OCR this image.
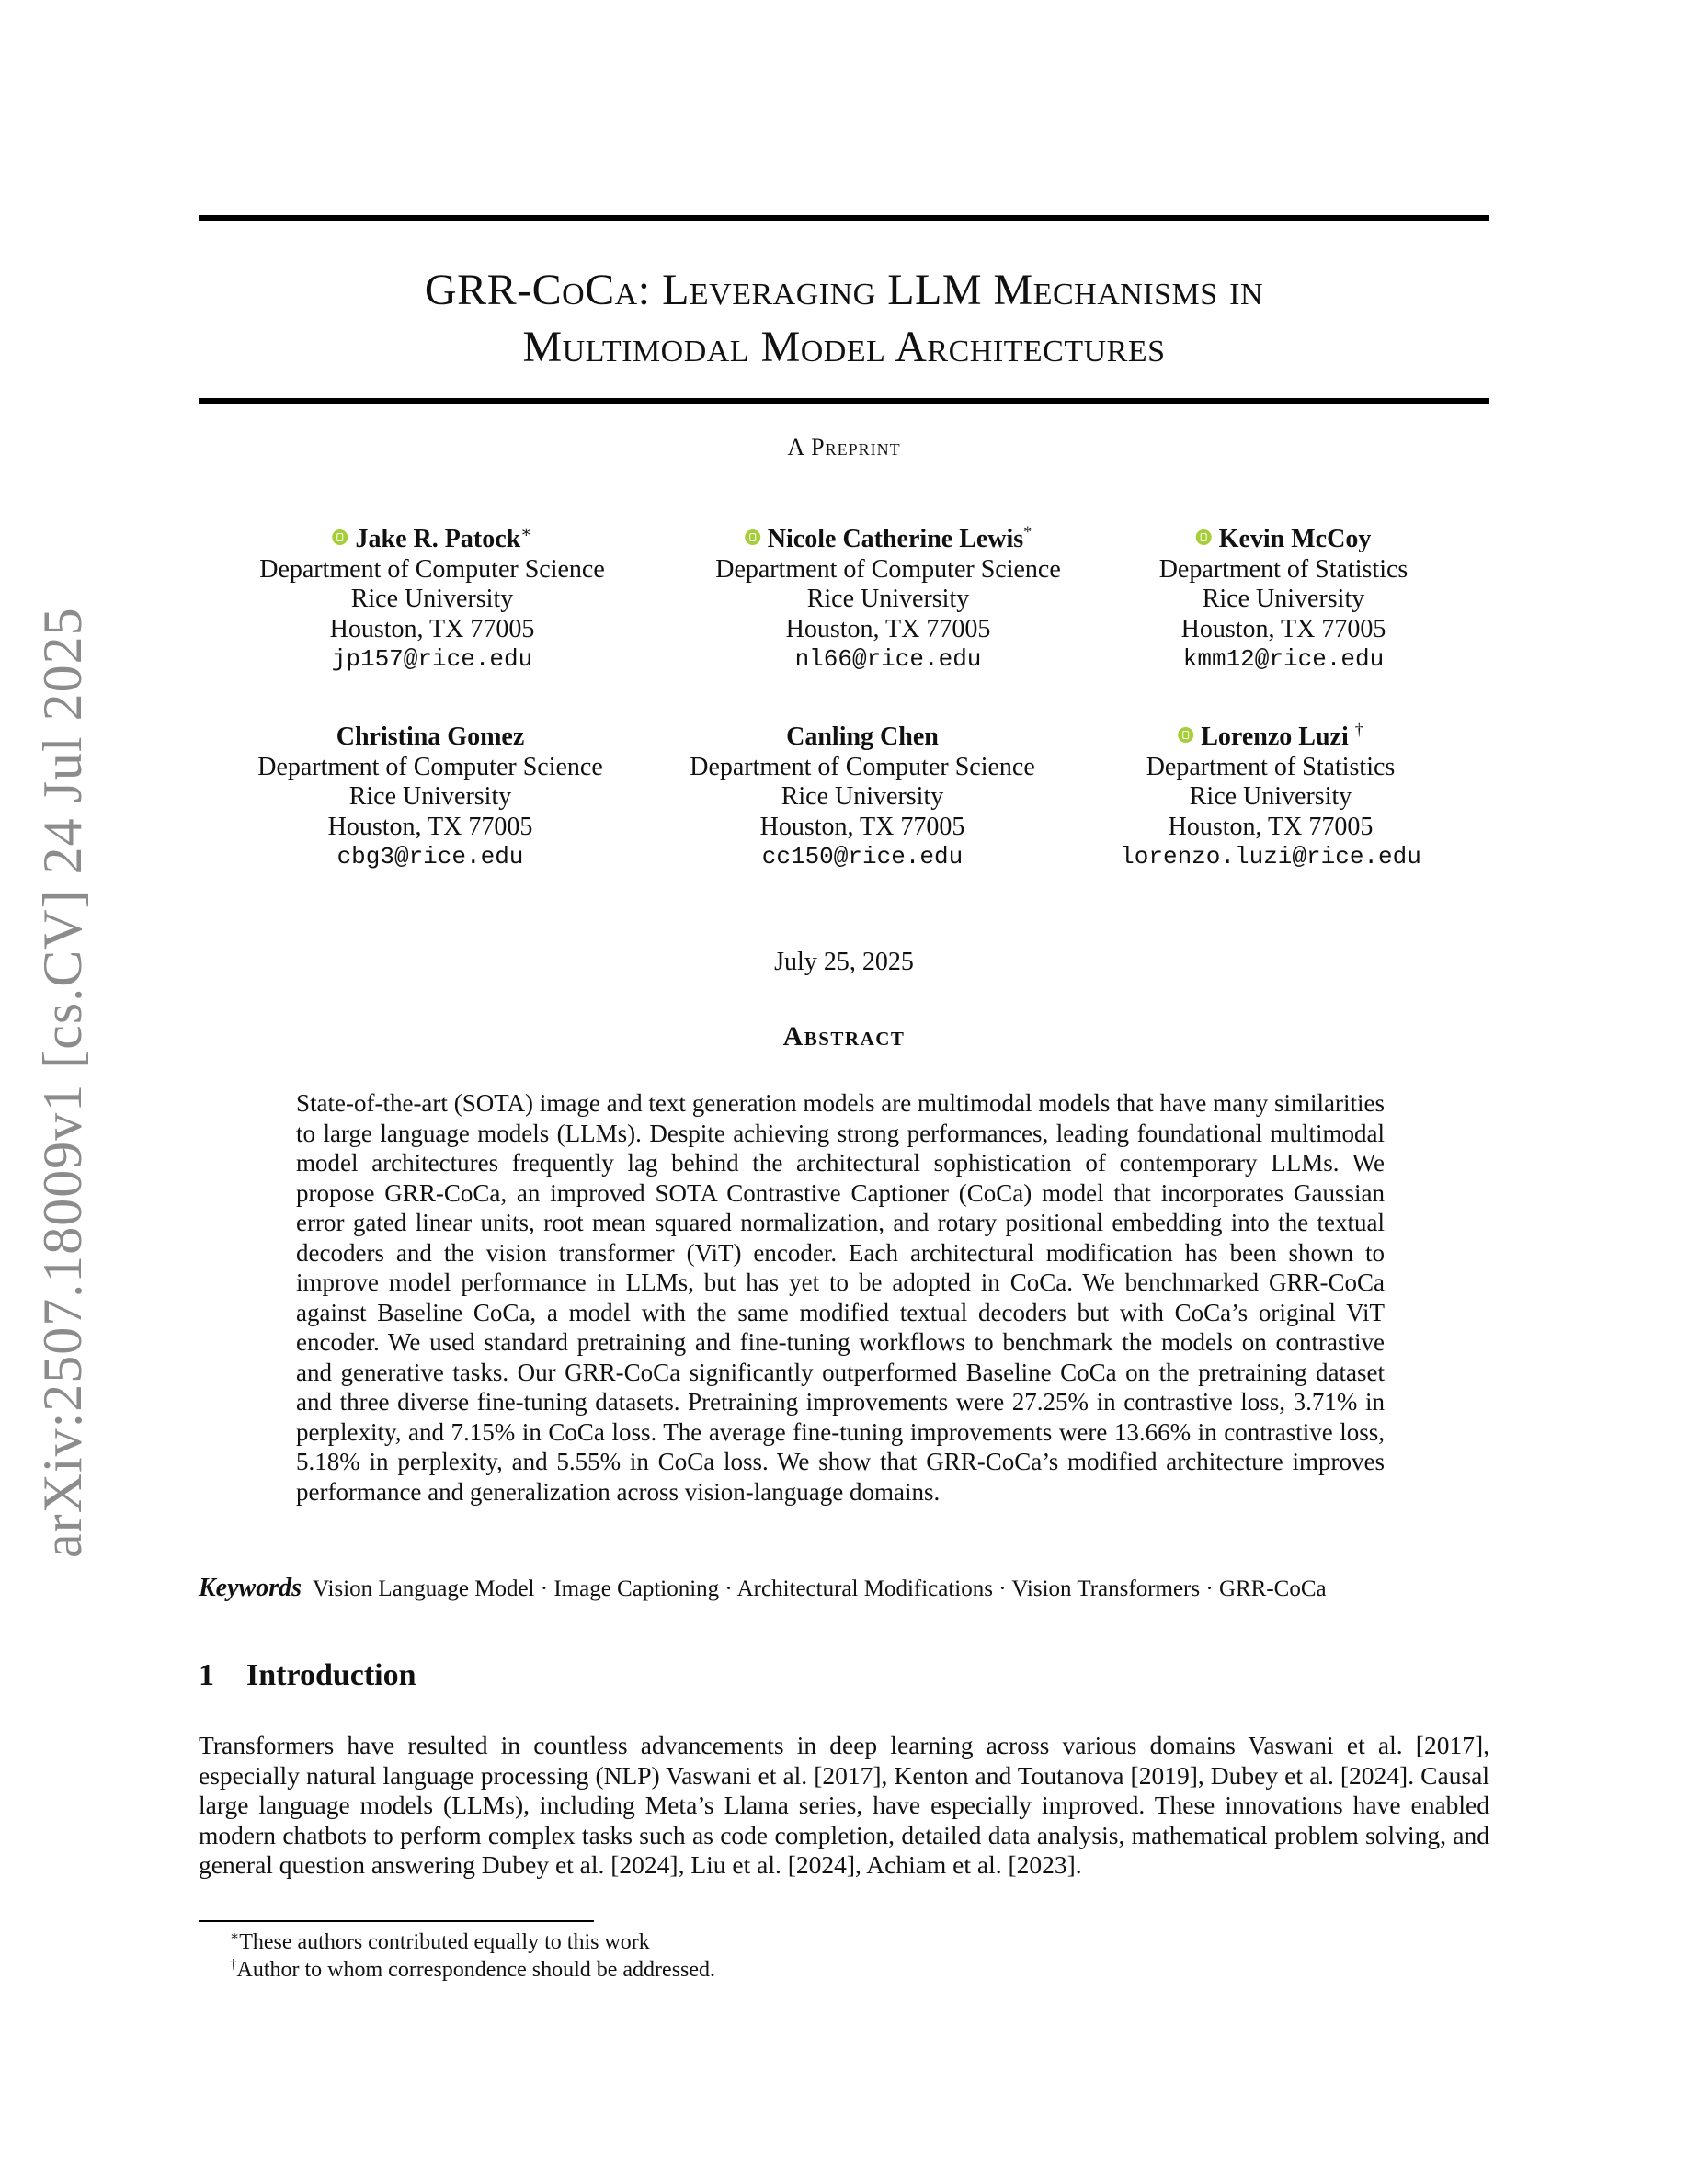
arXiv:2507.18009v1 [cs.CV] 24 Jul 2025
GRR-CoCa: Leveraging LLM Mechanisms in
Multimodal Model Architectures
A Preprint
Jake R. Patock∗
Department of Computer Science
Rice University
Houston, TX 77005
jp157@rice.edu
Nicole Catherine Lewis*
Department of Computer Science
Rice University
Houston, TX 77005
nl66@rice.edu
Kevin McCoy
Department of Statistics
Rice University
Houston, TX 77005
kmm12@rice.edu
Christina Gomez
Department of Computer Science
Rice University
Houston, TX 77005
cbg3@rice.edu
Canling Chen
Department of Computer Science
Rice University
Houston, TX 77005
cc150@rice.edu
Lorenzo Luzi †
Department of Statistics
Rice University
Houston, TX 77005
lorenzo.luzi@rice.edu
July 25, 2025
Abstract
State-of-the-art (SOTA) image and text generation models are multimodal models that have many similarities to large language models (LLMs). Despite achieving strong performances, leading foundational multimodal model architectures frequently lag behind the architectural sophistication of contemporary LLMs. We propose GRR-CoCa, an improved SOTA Contrastive Captioner (CoCa) model that incorporates Gaussian error gated linear units, root mean squared normalization, and rotary positional embedding into the textual decoders and the vision transformer (ViT) encoder. Each architectural modification has been shown to improve model performance in LLMs, but has yet to be adopted in CoCa. We benchmarked GRR-CoCa against Baseline CoCa, a model with the same modified textual decoders but with CoCa’s original ViT encoder. We used standard pretraining and fine-tuning workflows to benchmark the models on contrastive and generative tasks. Our GRR-CoCa significantly outperformed Baseline CoCa on the pretraining dataset and three diverse fine-tuning datasets. Pretraining improvements were 27.25% in contrastive loss, 3.71% in perplexity, and 7.15% in CoCa loss. The average fine-tuning improvements were 13.66% in contrastive loss, 5.18% in perplexity, and 5.55% in CoCa loss. We show that GRR-CoCa’s modified architecture improves performance and generalization across vision-language domains.
Keywords Vision Language Model · Image Captioning · Architectural Modifications · Vision Transformers · GRR-CoCa
1 Introduction
Transformers have resulted in countless advancements in deep learning across various domains Vaswani et al. [2017], especially natural language processing (NLP) Vaswani et al. [2017], Kenton and Toutanova [2019], Dubey et al. [2024]. Causal large language models (LLMs), including Meta’s Llama series, have especially improved. These innovations have enabled modern chatbots to perform complex tasks such as code completion, detailed data analysis, mathematical problem solving, and general question answering Dubey et al. [2024], Liu et al. [2024], Achiam et al. [2023].
∗These authors contributed equally to this work
†Author to whom correspondence should be addressed.
